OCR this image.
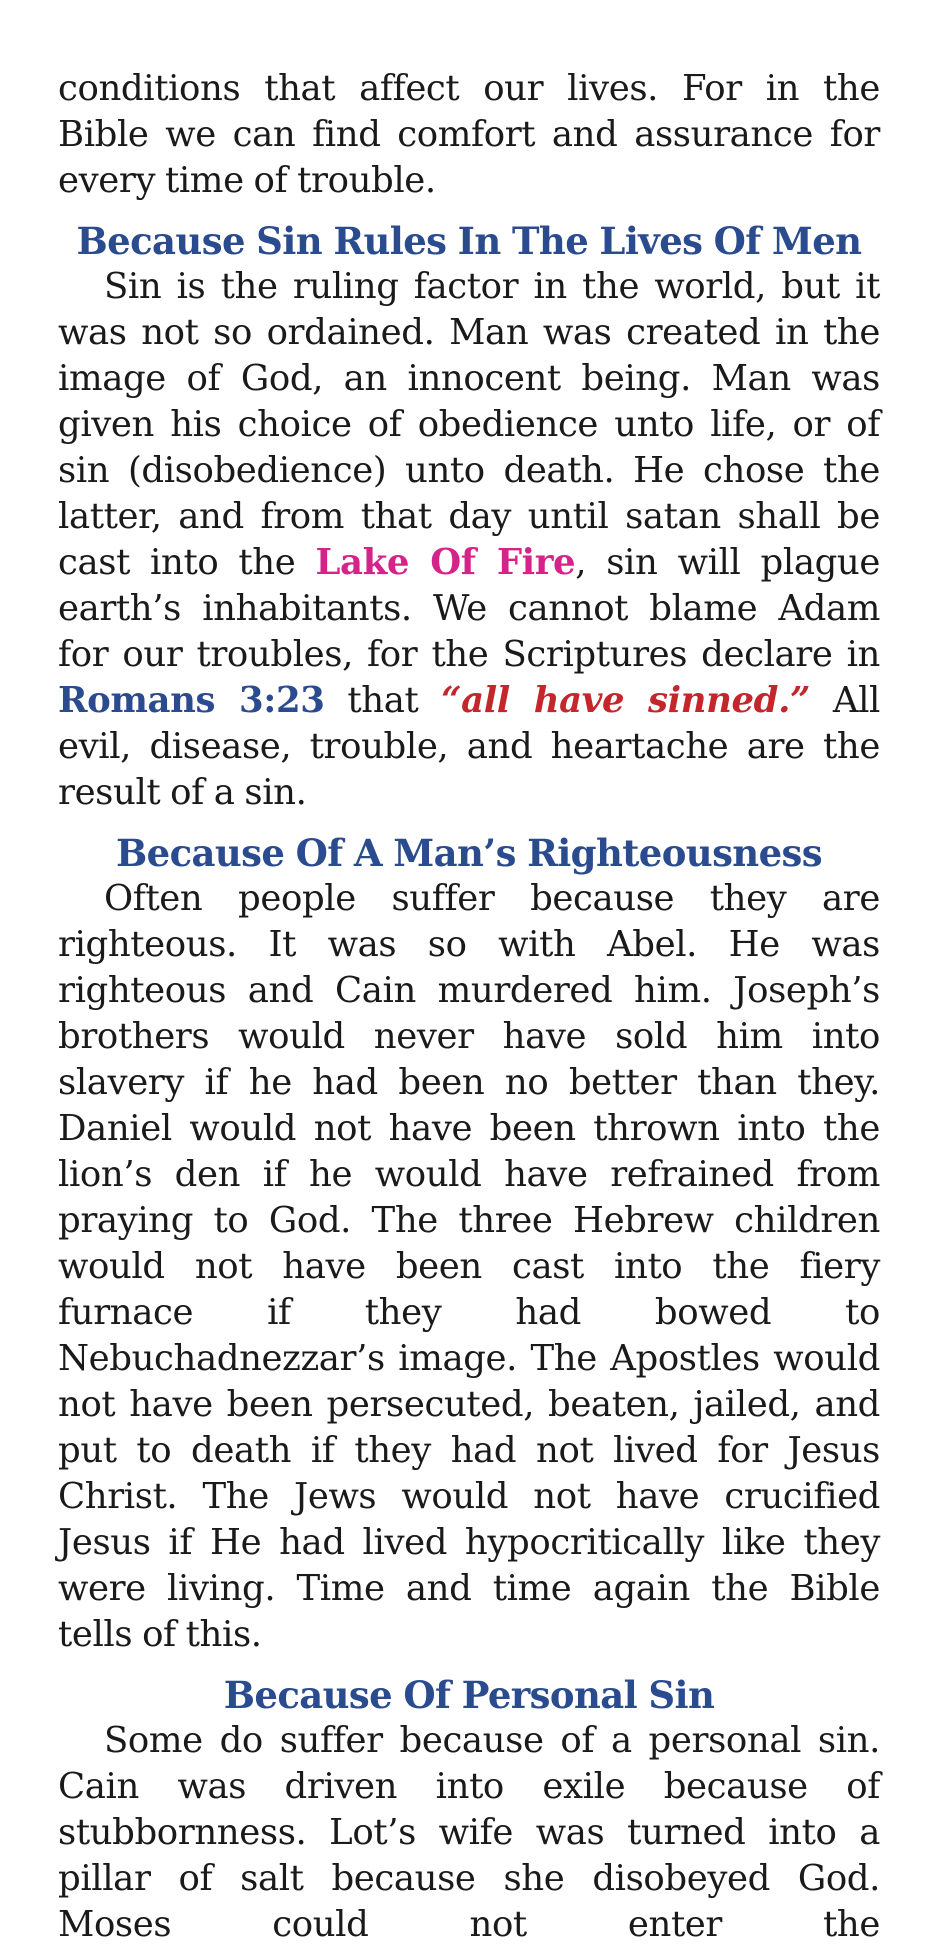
conditions that affect our lives. For in the Bible we can find comfort and assurance for every time of trouble.

Because Sin Rules In The Lives Of Men

Sin is the ruling factor in the world, but it was not so ordained. Man was created in the image of God, an innocent being. Man was given his choice of obedience unto life, or of sin (disobedience) unto death. He chose the latter, and from that day until satan shall be cast into the Lake Of Fire, sin will plague earth’s inhabitants. We cannot blame Adam for our troubles, for the Scriptures declare in Romans 3:23 that “all have sinned.” All evil, disease, trouble, and heartache are the result of a sin.

Because Of A Man’s Righteousness

Often people suffer because they are righteous. It was so with Abel. He was righteous and Cain murdered him. Joseph’s brothers would never have sold him into slavery if he had been no better than they. Daniel would not have been thrown into the lion’s den if he would have refrained from praying to God. The three Hebrew children would not have been cast into the fiery furnace if they had bowed to Nebuchadnezzar’s image. The Apostles would not have been persecuted, beaten, jailed, and put to death if they had not lived for Jesus Christ. The Jews would not have crucified Jesus if He had lived hypocritically like they were living. Time and time again the Bible tells of this.

Because Of Personal Sin

Some do suffer because of a personal sin. Cain was driven into exile because of stubbornness. Lot’s wife was turned into a pillar of salt because she disobeyed God. Moses could not enter the
